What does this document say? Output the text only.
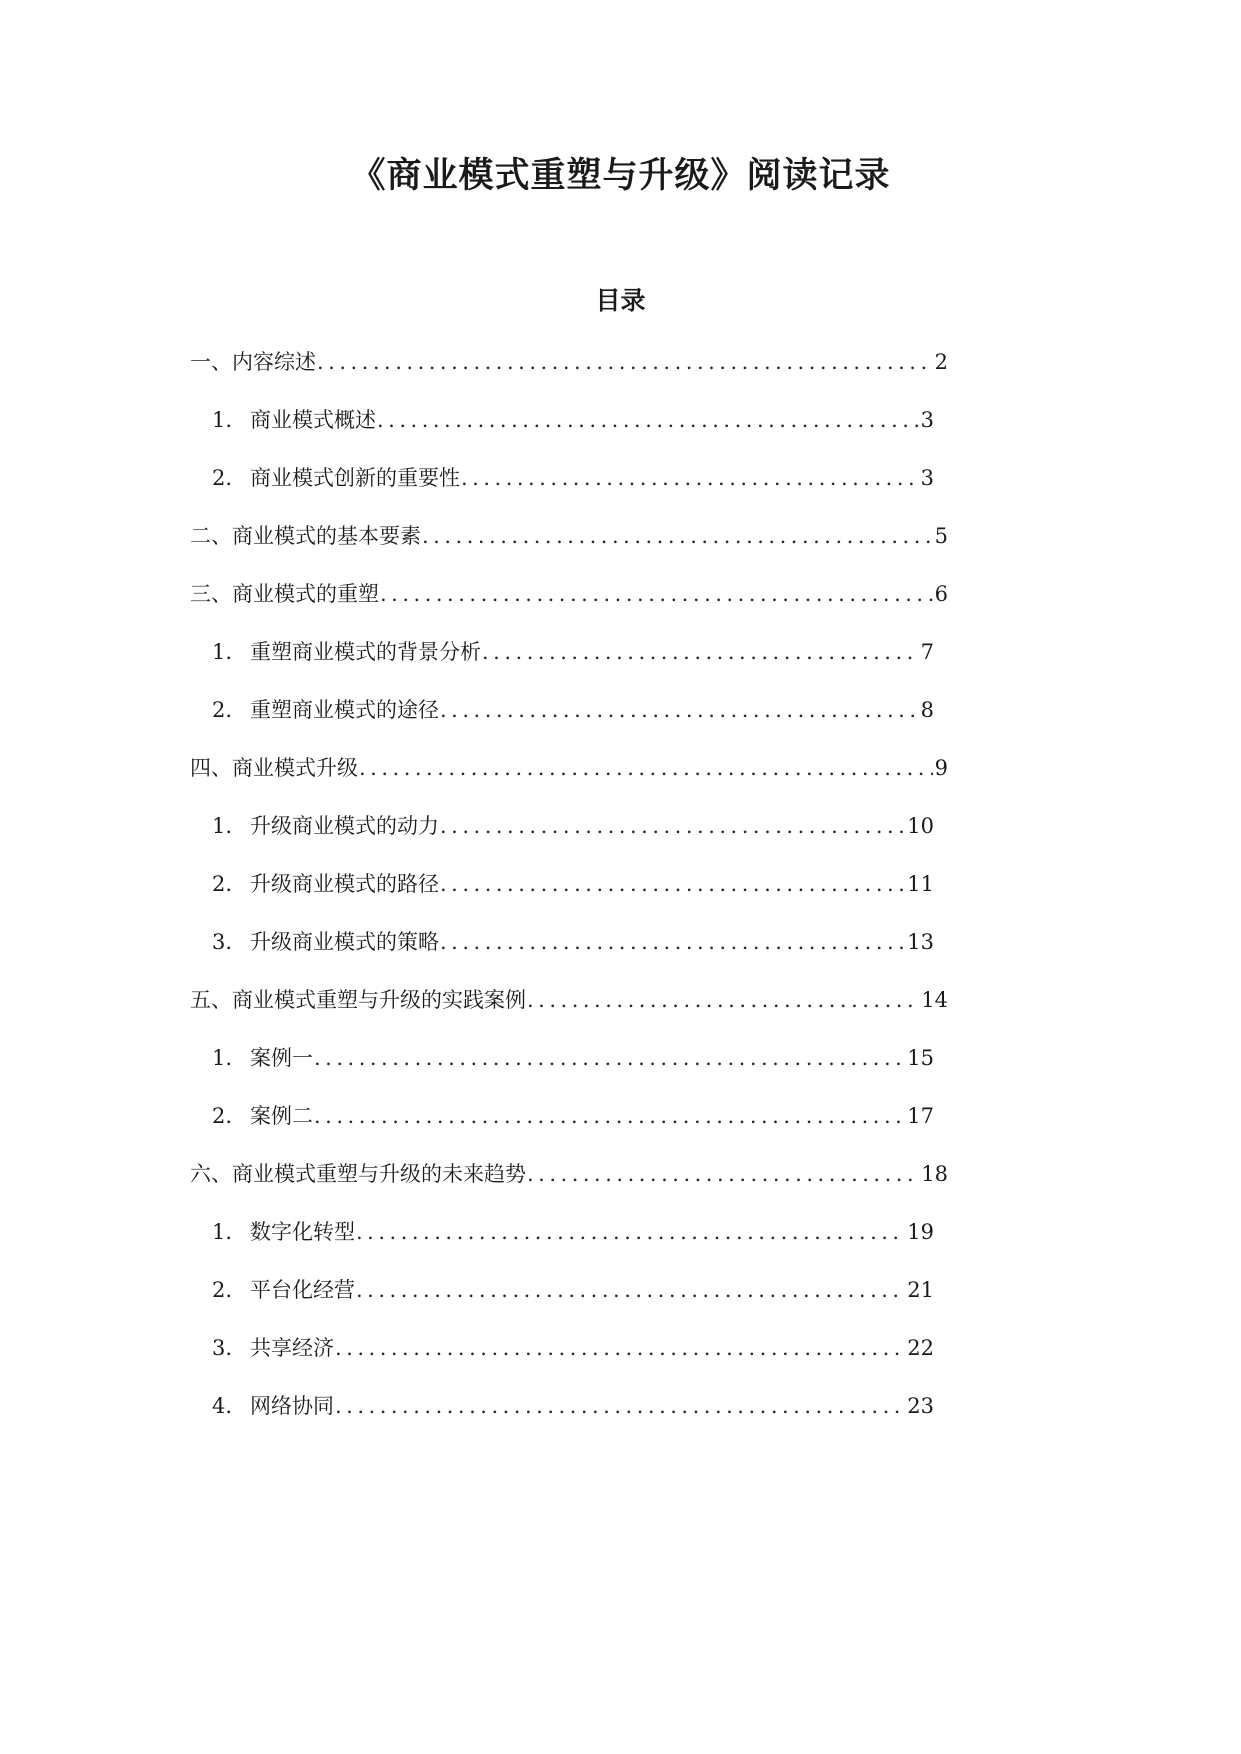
《商业模式重塑与升级》阅读记录
目录
一、内容综述 .....	2
1. 商业模式概述 .....	3
2. 商业模式创新的重要性 .....	3
二、商业模式的基本要素 .....	5
三、商业模式的重塑 .....	6
1. 重塑商业模式的背景分析 .....	7
2. 重塑商业模式的途径 .....	8
四、商业模式升级 .....	9
1. 升级商业模式的动力 .....	10
2. 升级商业模式的路径 .....	11
3. 升级商业模式的策略 .....	13
五、商业模式重塑与升级的实践案例 .....	14
1. 案例一 .....	15
2. 案例二 .....	17
六、商业模式重塑与升级的未来趋势 .....	18
1. 数字化转型 .....	19
2. 平台化经营 .....	21
3. 共享经济 .....	22
4. 网络协同 .....	23
